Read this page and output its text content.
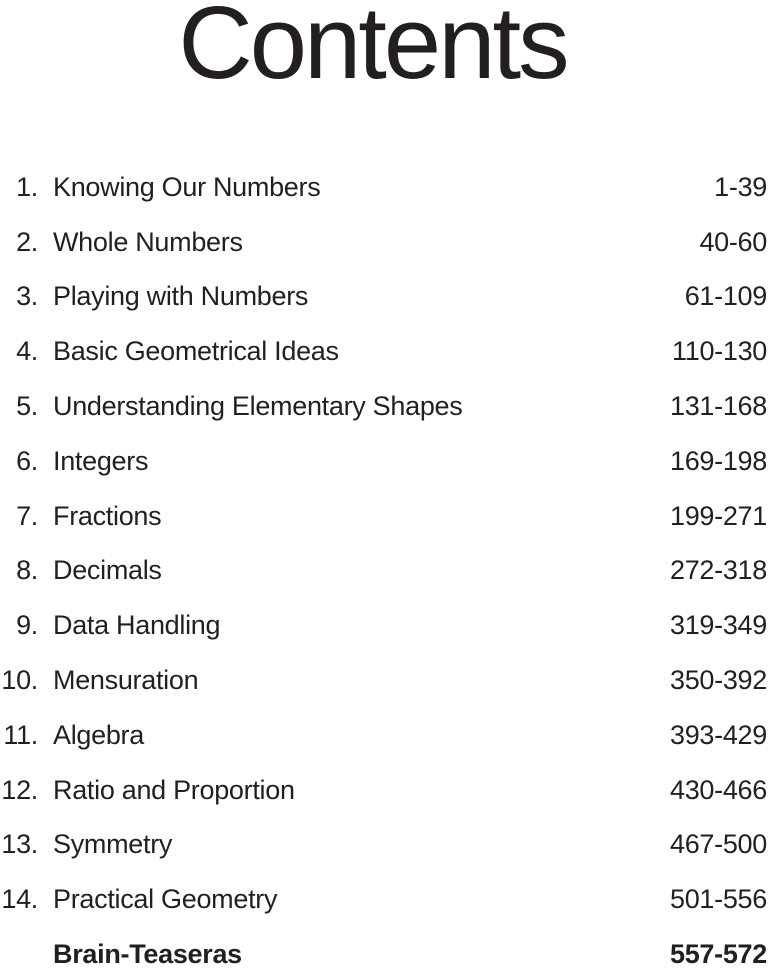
Contents
1. Knowing Our Numbers	1-39
2. Whole Numbers	40-60
3. Playing with Numbers	61-109
4. Basic Geometrical Ideas	110-130
5. Understanding Elementary Shapes	131-168
6. Integers	169-198
7. Fractions	199-271
8. Decimals	272-318
9. Data Handling	319-349
10. Mensuration	350-392
11. Algebra	393-429
12. Ratio and Proportion	430-466
13. Symmetry	467-500
14. Practical Geometry	501-556
Brain-Teaseras	557-572
